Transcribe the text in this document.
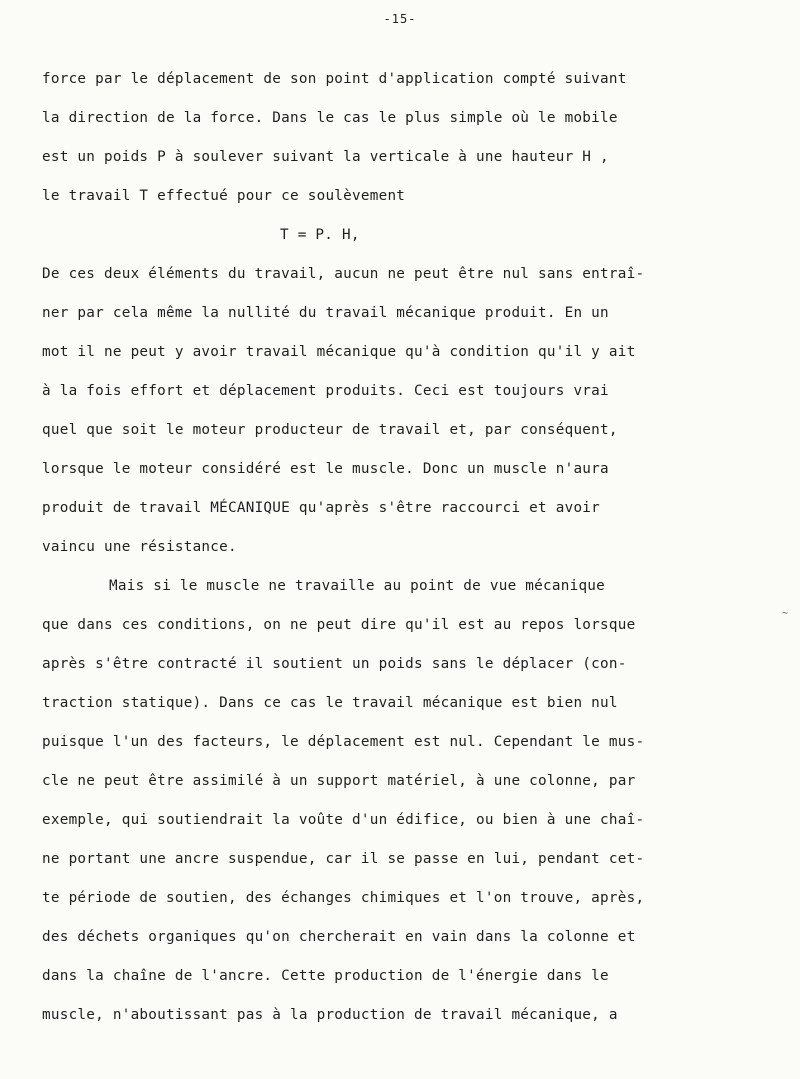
-15-
force par le déplacement de son point d'application compté suivant
la direction de la force. Dans le cas le plus simple où le mobile
est un poids P à soulever suivant la verticale à une hauteur H ,
le travail T effectué pour ce soulèvement
T = P. H,
De ces deux éléments du travail, aucun ne peut être nul sans entraî-
ner par cela même la nullité du travail mécanique produit. En un
mot il ne peut y avoir travail mécanique qu'à condition qu'il y ait
à la fois effort et déplacement produits. Ceci est toujours vrai
quel que soit le moteur producteur de travail et, par conséquent,
lorsque le moteur considéré est le muscle. Donc un muscle n'aura
produit de travail MÉCANIQUE qu'après s'être raccourci et avoir
vaincu une résistance.
Mais si le muscle ne travaille au point de vue mécanique
que dans ces conditions, on ne peut dire qu'il est au repos lorsque
après s'être contracté il soutient un poids sans le déplacer (con-
traction statique). Dans ce cas le travail mécanique est bien nul
puisque l'un des facteurs, le déplacement est nul. Cependant le mus-
cle ne peut être assimilé à un support matériel, à une colonne, par
exemple, qui soutiendrait la voûte d'un édifice, ou bien à une chaî-
ne portant une ancre suspendue, car il se passe en lui, pendant cet-
te période de soutien, des échanges chimiques et l'on trouve, après,
des déchets organiques qu'on chercherait en vain dans la colonne et
dans la chaîne de l'ancre. Cette production de l'énergie dans le
muscle, n'aboutissant pas à la production de travail mécanique, a
~
